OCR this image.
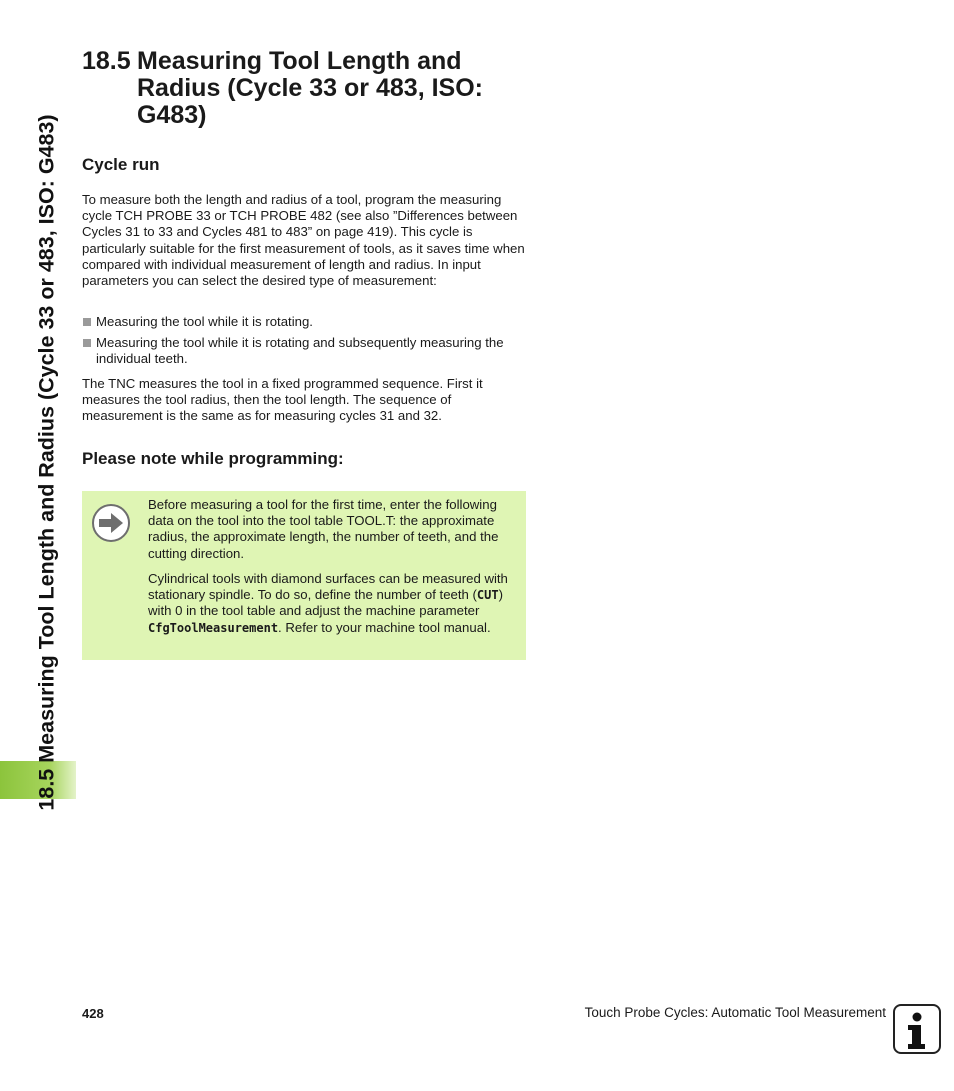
18.5 Measuring Tool Length and Radius (Cycle 33 or 483, ISO: G483)
18.5 Measuring Tool Length and
Radius (Cycle 33 or 483, ISO:
G483)
Cycle run

To measure both the length and radius of a tool, program the measuring cycle TCH PROBE 33 or TCH PROBE 482 (see also ”Differences between Cycles 31 to 33 and Cycles 481 to 483” on page 419). This cycle is particularly suitable for the first measurement of tools, as it saves time when compared with individual measurement of length and radius. In input parameters you can select the desired type of measurement:

Measuring the tool while it is rotating.
Measuring the tool while it is rotating and subsequently measuring the individual teeth.

The TNC measures the tool in a fixed programmed sequence. First it measures the tool radius, then the tool length. The sequence of measurement is the same as for measuring cycles 31 and 32.

Please note while programming:

Before measuring a tool for the first time, enter the following data on the tool into the tool table TOOL.T: the approximate radius, the approximate length, the number of teeth, and the cutting direction.

Cylindrical tools with diamond surfaces can be measured with stationary spindle. To do so, define the number of teeth (CUT) with 0 in the tool table and adjust the machine parameter CfgToolMeasurement. Refer to your machine tool manual.

428	Touch Probe Cycles: Automatic Tool Measurement
